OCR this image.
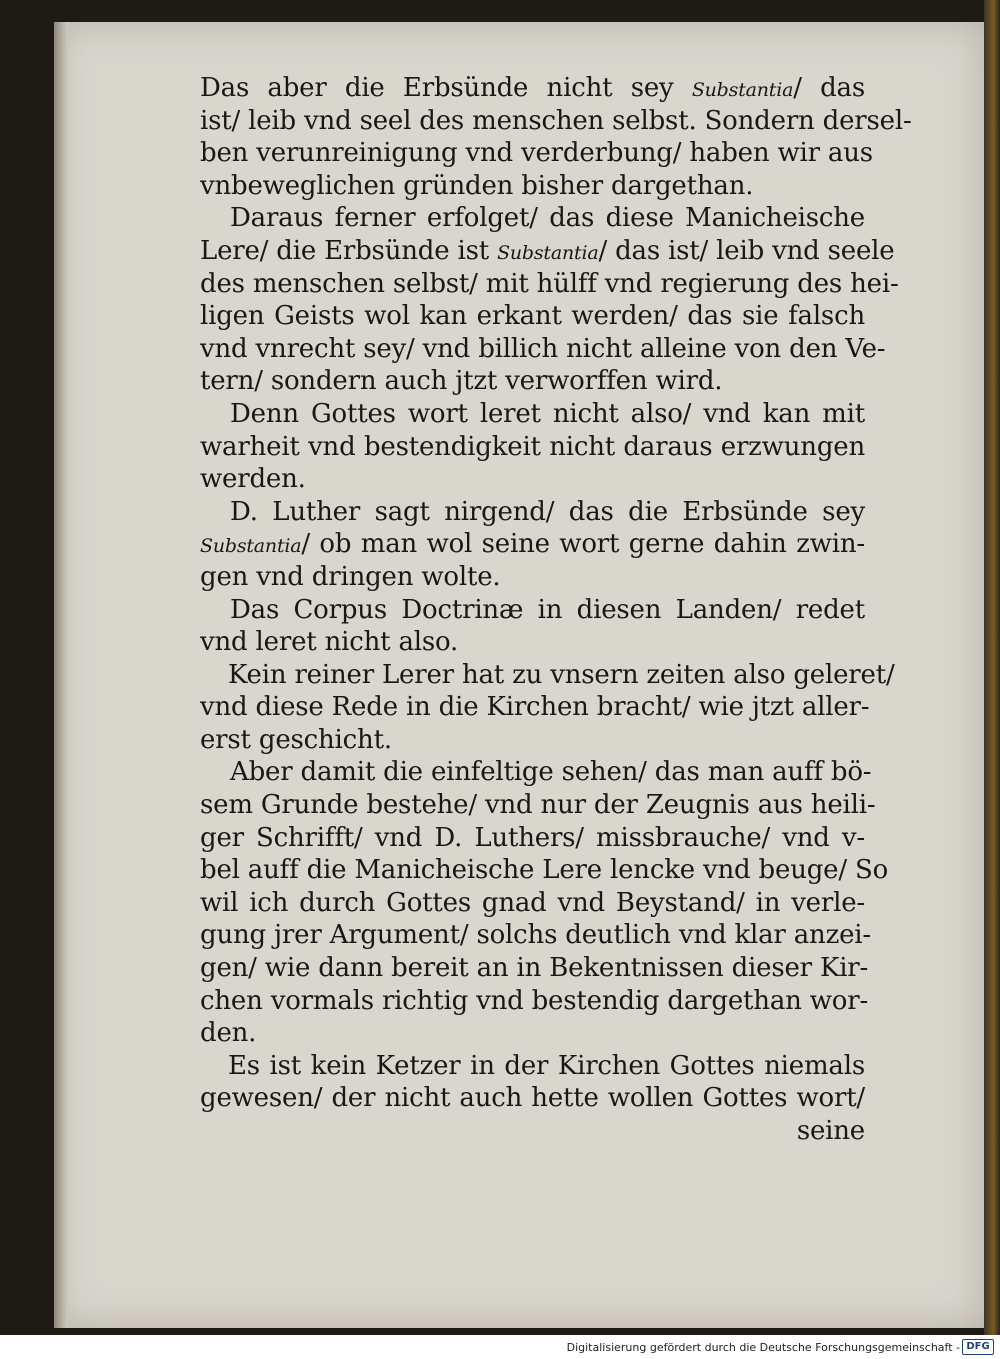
Das aber die Erbsünde nicht sey Substantia/ das
ist/ leib vnd seel des menschen selbst. Sondern dersel-
ben verunreinigung vnd verderbung/ haben wir aus
vnbeweglichen gründen bisher dargethan.
Daraus ferner erfolget/ das diese Manicheische
Lere/ die Erbsünde ist Substantia/ das ist/ leib vnd seele
des menschen selbst/ mit hülff vnd regierung des hei-
ligen Geists wol kan erkant werden/ das sie falsch
vnd vnrecht sey/ vnd billich nicht alleine von den Ve-
tern/ sondern auch jtzt verworffen wird.
Denn Gottes wort leret nicht also/ vnd kan mit
warheit vnd bestendigkeit nicht daraus erzwungen
werden.
D. Luther sagt nirgend/ das die Erbsünde sey
Substantia/ ob man wol seine wort gerne dahin zwin-
gen vnd dringen wolte.
Das Corpus Doctrinæ in diesen Landen/ redet
vnd leret nicht also.
Kein reiner Lerer hat zu vnsern zeiten also geleret/
vnd diese Rede in die Kirchen bracht/ wie jtzt aller-
erst geschicht.
Aber damit die einfeltige sehen/ das man auff bö-
sem Grunde bestehe/ vnd nur der Zeugnis aus heili-
ger Schrifft/ vnd D. Luthers/ missbrauche/ vnd v-
bel auff die Manicheische Lere lencke vnd beuge/ So
wil ich durch Gottes gnad vnd Beystand/ in verle-
gung jrer Argument/ solchs deutlich vnd klar anzei-
gen/ wie dann bereit an in Bekentnissen dieser Kir-
chen vormals richtig vnd bestendig dargethan wor-
den.
Es ist kein Ketzer in der Kirchen Gottes niemals
gewesen/ der nicht auch hette wollen Gottes wort/
seine
Digitalisierung gefördert durch die Deutsche Forschungsgemeinschaft - DFG
